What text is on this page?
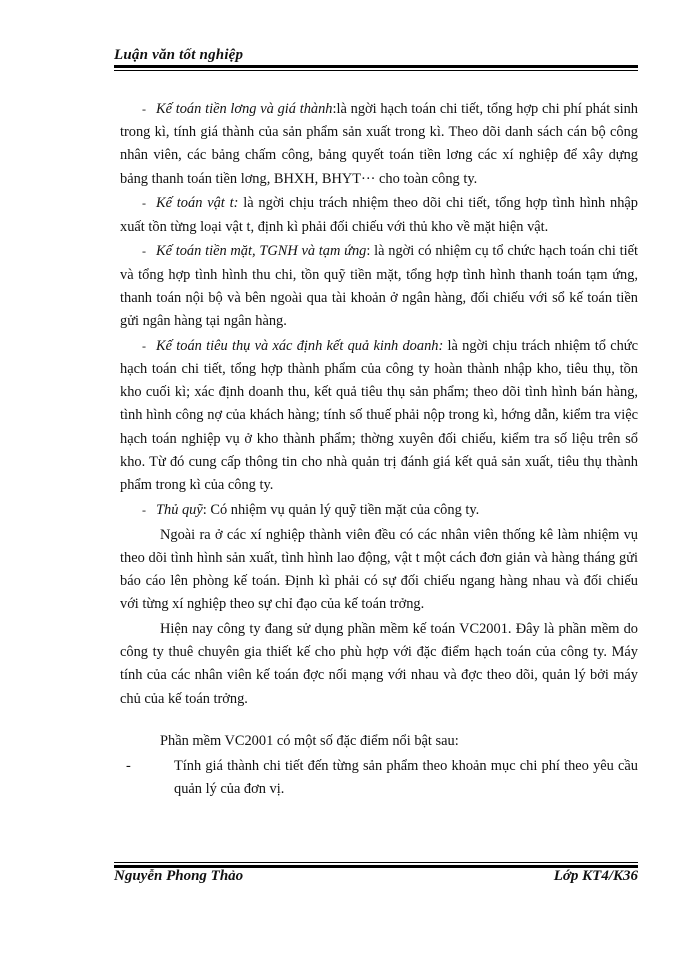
Luận văn tốt nghiệp
- Kế toán tiền lơng và giá thành:là ngời hạch toán chi tiết, tổng hợp chi phí phát sinh trong kì, tính giá thành của sản phẩm sản xuất trong kì. Theo dõi danh sách cán bộ công nhân viên, các bảng chấm công, bảng quyết toán tiền lơng các xí nghiệp để xây dựng bảng thanh toán tiền lơng, BHXH, BHYT··· cho toàn công ty.
- Kế toán vật t: là ngời chịu trách nhiệm theo dõi chi tiết, tổng hợp tình hình nhập xuất tồn từng loại vật t, định kì phải đối chiếu với thủ kho về mặt hiện vật.
- Kế toán tiền mặt, TGNH và tạm ứng: là ngời có nhiệm cụ tổ chức hạch toán chi tiết và tổng hợp tình hình thu chi, tồn quỹ tiền mặt, tổng hợp tình hình thanh toán tạm ứng, thanh toán nội bộ và bên ngoài qua tài khoản ở ngân hàng, đối chiếu với sổ kế toán tiền gửi ngân hàng tại ngân hàng.
- Kế toán tiêu thụ và xác định kết quả kinh doanh: là ngời chịu trách nhiệm tổ chức hạch toán chi tiết, tổng hợp thành phẩm của công ty hoàn thành nhập kho, tiêu thụ, tồn kho cuối kì; xác định doanh thu, kết quả tiêu thụ sản phẩm; theo dõi tình hình bán hàng, tình hình công nợ của khách hàng; tính số thuế phải nộp trong kì, hớng dẫn, kiểm tra việc hạch toán nghiệp vụ ở kho thành phẩm; thờng xuyên đối chiếu, kiểm tra số liệu trên sổ kho. Từ đó cung cấp thông tin cho nhà quản trị đánh giá kết quả sản xuất, tiêu thụ thành phẩm trong kì của công ty.
- Thủ quỹ: Có nhiệm vụ quản lý quỹ tiền mặt của công ty.

Ngoài ra ở các xí nghiệp thành viên đều có các nhân viên thống kê làm nhiệm vụ theo dõi tình hình sản xuất, tình hình lao động, vật t một cách đơn giản và hàng tháng gửi báo cáo lên phòng kế toán. Định kì phải có sự đối chiếu ngang hàng nhau và đối chiếu với từng xí nghiệp theo sự chỉ đạo của kế toán trởng.

Hiện nay công ty đang sử dụng phần mềm kế toán VC2001. Đây là phần mềm do công ty thuê chuyên gia thiết kế cho phù hợp với đặc điểm hạch toán của công ty. Máy tính của các nhân viên kế toán đợc nối mạng với nhau và đợc theo dõi, quản lý bởi máy chủ của kế toán trởng.

Phần mềm VC2001 có một số đặc điểm nổi bật sau:

-	Tính giá thành chi tiết đến từng sản phẩm theo khoản mục chi phí theo yêu cầu quản lý của đơn vị.
Nguyễn Phong Thảo	Lớp KT4/K36
